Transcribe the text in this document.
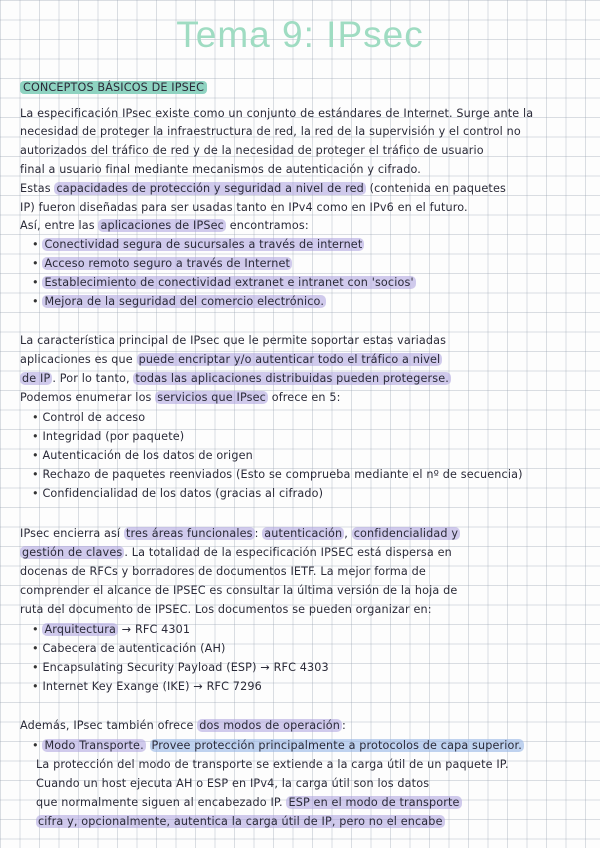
Tema 9: IPsec
CONCEPTOS BÁSICOS DE IPSEC
La especificación IPsec existe como un conjunto de estándares de Internet. Surge ante la
necesidad de proteger la infraestructura de red, la red de la supervisión y el control no
autorizados del tráfico de red y de la necesidad de proteger el tráfico de usuario
final a usuario final mediante mecanismos de autenticación y cifrado.
Estas capacidades de protección y seguridad a nivel de red (contenida en paquetes
IP) fueron diseñadas para ser usadas tanto en IPv4 como en IPv6 en el futuro.
Así, entre las aplicaciones de IPSec encontramos:
• Conectividad segura de sucursales a través de internet
• Acceso remoto seguro a través de Internet
• Establecimiento de conectividad extranet e intranet con 'socios'
• Mejora de la seguridad del comercio electrónico.
La característica principal de IPsec que le permite soportar estas variadas
aplicaciones es que puede encriptar y/o autenticar todo el tráfico a nivel
de IP . Por lo tanto, todas las aplicaciones distribuidas pueden protegerse.
Podemos enumerar los servicios que IPsec ofrece en 5:
• Control de acceso
• Integridad (por paquete)
• Autenticación de los datos de origen
• Rechazo de paquetes reenviados (Esto se comprueba mediante el nº de secuencia)
• Confidencialidad de los datos (gracias al cifrado)
IPsec encierra así tres áreas funcionales : autenticación , confidencialidad y
gestión de claves . La totalidad de la especificación IPSEC está dispersa en
docenas de RFCs y borradores de documentos IETF. La mejor forma de
comprender el alcance de IPSEC es consultar la última versión de la hoja de
ruta del documento de IPSEC. Los documentos se pueden organizar en:
• Arquitectura → RFC 4301
• Cabecera de autenticación (AH)
• Encapsulating Security Payload (ESP) → RFC 4303
• Internet Key Exange (IKE) → RFC 7296
Además, IPsec también ofrece dos modos de operación :
• Modo Transporte. Provee protección principalmente a protocolos de capa superior.
La protección del modo de transporte se extiende a la carga útil de un paquete IP.
Cuando un host ejecuta AH o ESP en IPv4, la carga útil son los datos
que normalmente siguen al encabezado IP. ESP en el modo de transporte
cifra y, opcionalmente, autentica la carga útil de IP, pero no el encabe
